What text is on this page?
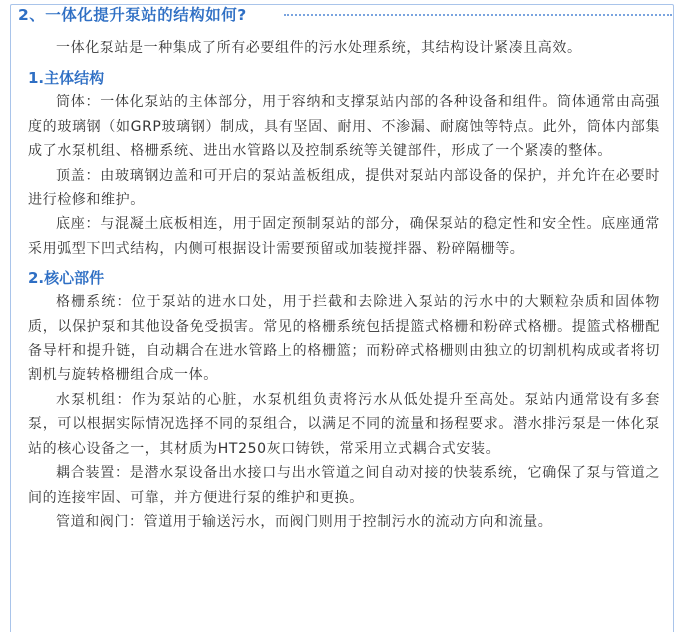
2、一体化提升泵站的结构如何?

一体化泵站是一种集成了所有必要组件的污水处理系统，其结构设计紧凑且高效。

1.主体结构

筒体：一体化泵站的主体部分，用于容纳和支撑泵站内部的各种设备和组件。筒体通常由高强度的玻璃钢（如GRP玻璃钢）制成，具有坚固、耐用、不渗漏、耐腐蚀等特点。此外，筒体内部集成了水泵机组、格栅系统、进出水管路以及控制系统等关键部件，形成了一个紧凑的整体。

顶盖：由玻璃钢边盖和可开启的泵站盖板组成，提供对泵站内部设备的保护，并允许在必要时进行检修和维护。

底座：与混凝土底板相连，用于固定预制泵站的部分，确保泵站的稳定性和安全性。底座通常采用弧型下凹式结构，内侧可根据设计需要预留或加装搅拌器、粉碎隔栅等。

2.核心部件

格栅系统：位于泵站的进水口处，用于拦截和去除进入泵站的污水中的大颗粒杂质和固体物质，以保护泵和其他设备免受损害。常见的格栅系统包括提篮式格栅和粉碎式格栅。提篮式格栅配备导杆和提升链，自动耦合在进水管路上的格栅篮；而粉碎式格栅则由独立的切割机构成或者将切割机与旋转格栅组合成一体。

水泵机组：作为泵站的心脏，水泵机组负责将污水从低处提升至高处。泵站内通常设有多套泵，可以根据实际情况选择不同的泵组合，以满足不同的流量和扬程要求。潜水排污泵是一体化泵站的核心设备之一，其材质为HT250灰口铸铁，常采用立式耦合式安装。

耦合装置：是潜水泵设备出水接口与出水管道之间自动对接的快装系统，它确保了泵与管道之间的连接牢固、可靠，并方便进行泵的维护和更换。

管道和阀门：管道用于输送污水，而阀门则用于控制污水的流动方向和流量。
